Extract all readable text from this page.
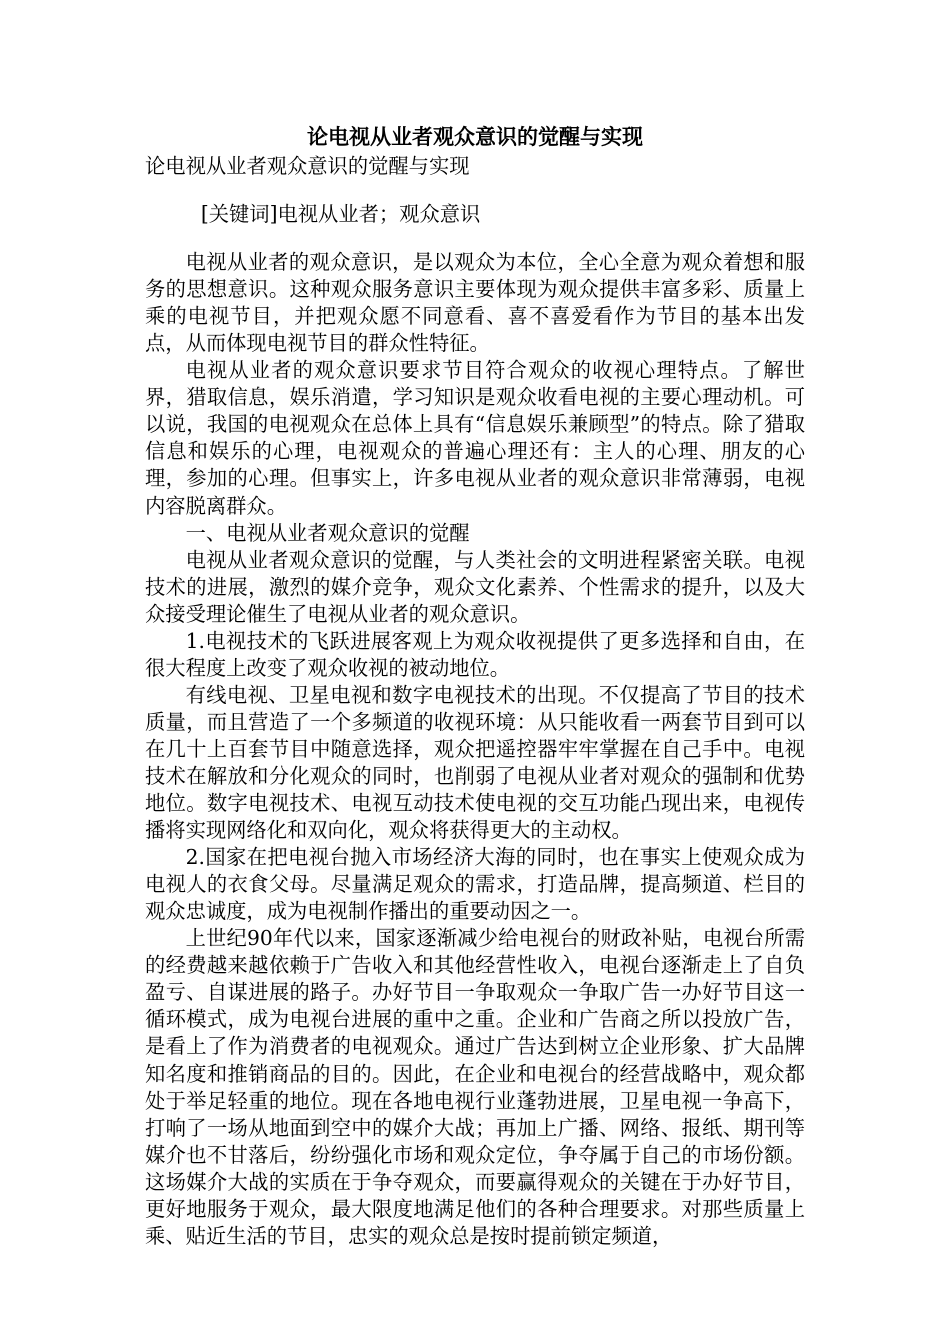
论电视从业者观众意识的觉醒与实现

论电视从业者观众意识的觉醒与实现

[关键词]电视从业者；观众意识

电视从业者的观众意识，是以观众为本位，全心全意为观众着想和服务的思想意识。这种观众服务意识主要体现为观众提供丰富多彩、质量上乘的电视节目，并把观众愿不同意看、喜不喜爱看作为节目的基本出发点，从而体现电视节目的群众性特征。

电视从业者的观众意识要求节目符合观众的收视心理特点。了解世界，猎取信息，娱乐消遣，学习知识是观众收看电视的主要心理动机。可以说，我国的电视观众在总体上具有“信息娱乐兼顾型”的特点。除了猎取信息和娱乐的心理，电视观众的普遍心理还有：主人的心理、朋友的心理，参加的心理。但事实上，许多电视从业者的观众意识非常薄弱，电视内容脱离群众。

一、电视从业者观众意识的觉醒

电视从业者观众意识的觉醒，与人类社会的文明进程紧密关联。电视技术的进展，激烈的媒介竞争，观众文化素养、个性需求的提升，以及大众接受理论催生了电视从业者的观众意识。

1.电视技术的飞跃进展客观上为观众收视提供了更多选择和自由，在很大程度上改变了观众收视的被动地位。

有线电视、卫星电视和数字电视技术的出现。不仅提高了节目的技术质量，而且营造了一个多频道的收视环境：从只能收看一两套节目到可以在几十上百套节目中随意选择，观众把遥控器牢牢掌握在自己手中。电视技术在解放和分化观众的同时，也削弱了电视从业者对观众的强制和优势地位。数字电视技术、电视互动技术使电视的交互功能凸现出来，电视传播将实现网络化和双向化，观众将获得更大的主动权。

2.国家在把电视台抛入市场经济大海的同时，也在事实上使观众成为电视人的衣食父母。尽量满足观众的需求，打造品牌，提高频道、栏目的观众忠诚度，成为电视制作播出的重要动因之一。

上世纪90年代以来，国家逐渐减少给电视台的财政补贴，电视台所需的经费越来越依赖于广告收入和其他经营性收入，电视台逐渐走上了自负盈亏、自谋进展的路子。办好节目一争取观众一争取广告一办好节目这一循环模式，成为电视台进展的重中之重。企业和广告商之所以投放广告，是看上了作为消费者的电视观众。通过广告达到树立企业形象、扩大品牌知名度和推销商品的目的。因此，在企业和电视台的经营战略中，观众都处于举足轻重的地位。现在各地电视行业蓬勃进展，卫星电视一争高下，打响了一场从地面到空中的媒介大战；再加上广播、网络、报纸、期刊等媒介也不甘落后，纷纷强化市场和观众定位，争夺属于自己的市场份额。这场媒介大战的实质在于争夺观众，而要赢得观众的关键在于办好节目，更好地服务于观众，最大限度地满足他们的各种合理要求。对那些质量上乘、贴近生活的节目，忠实的观众总是按时提前锁定频道，
